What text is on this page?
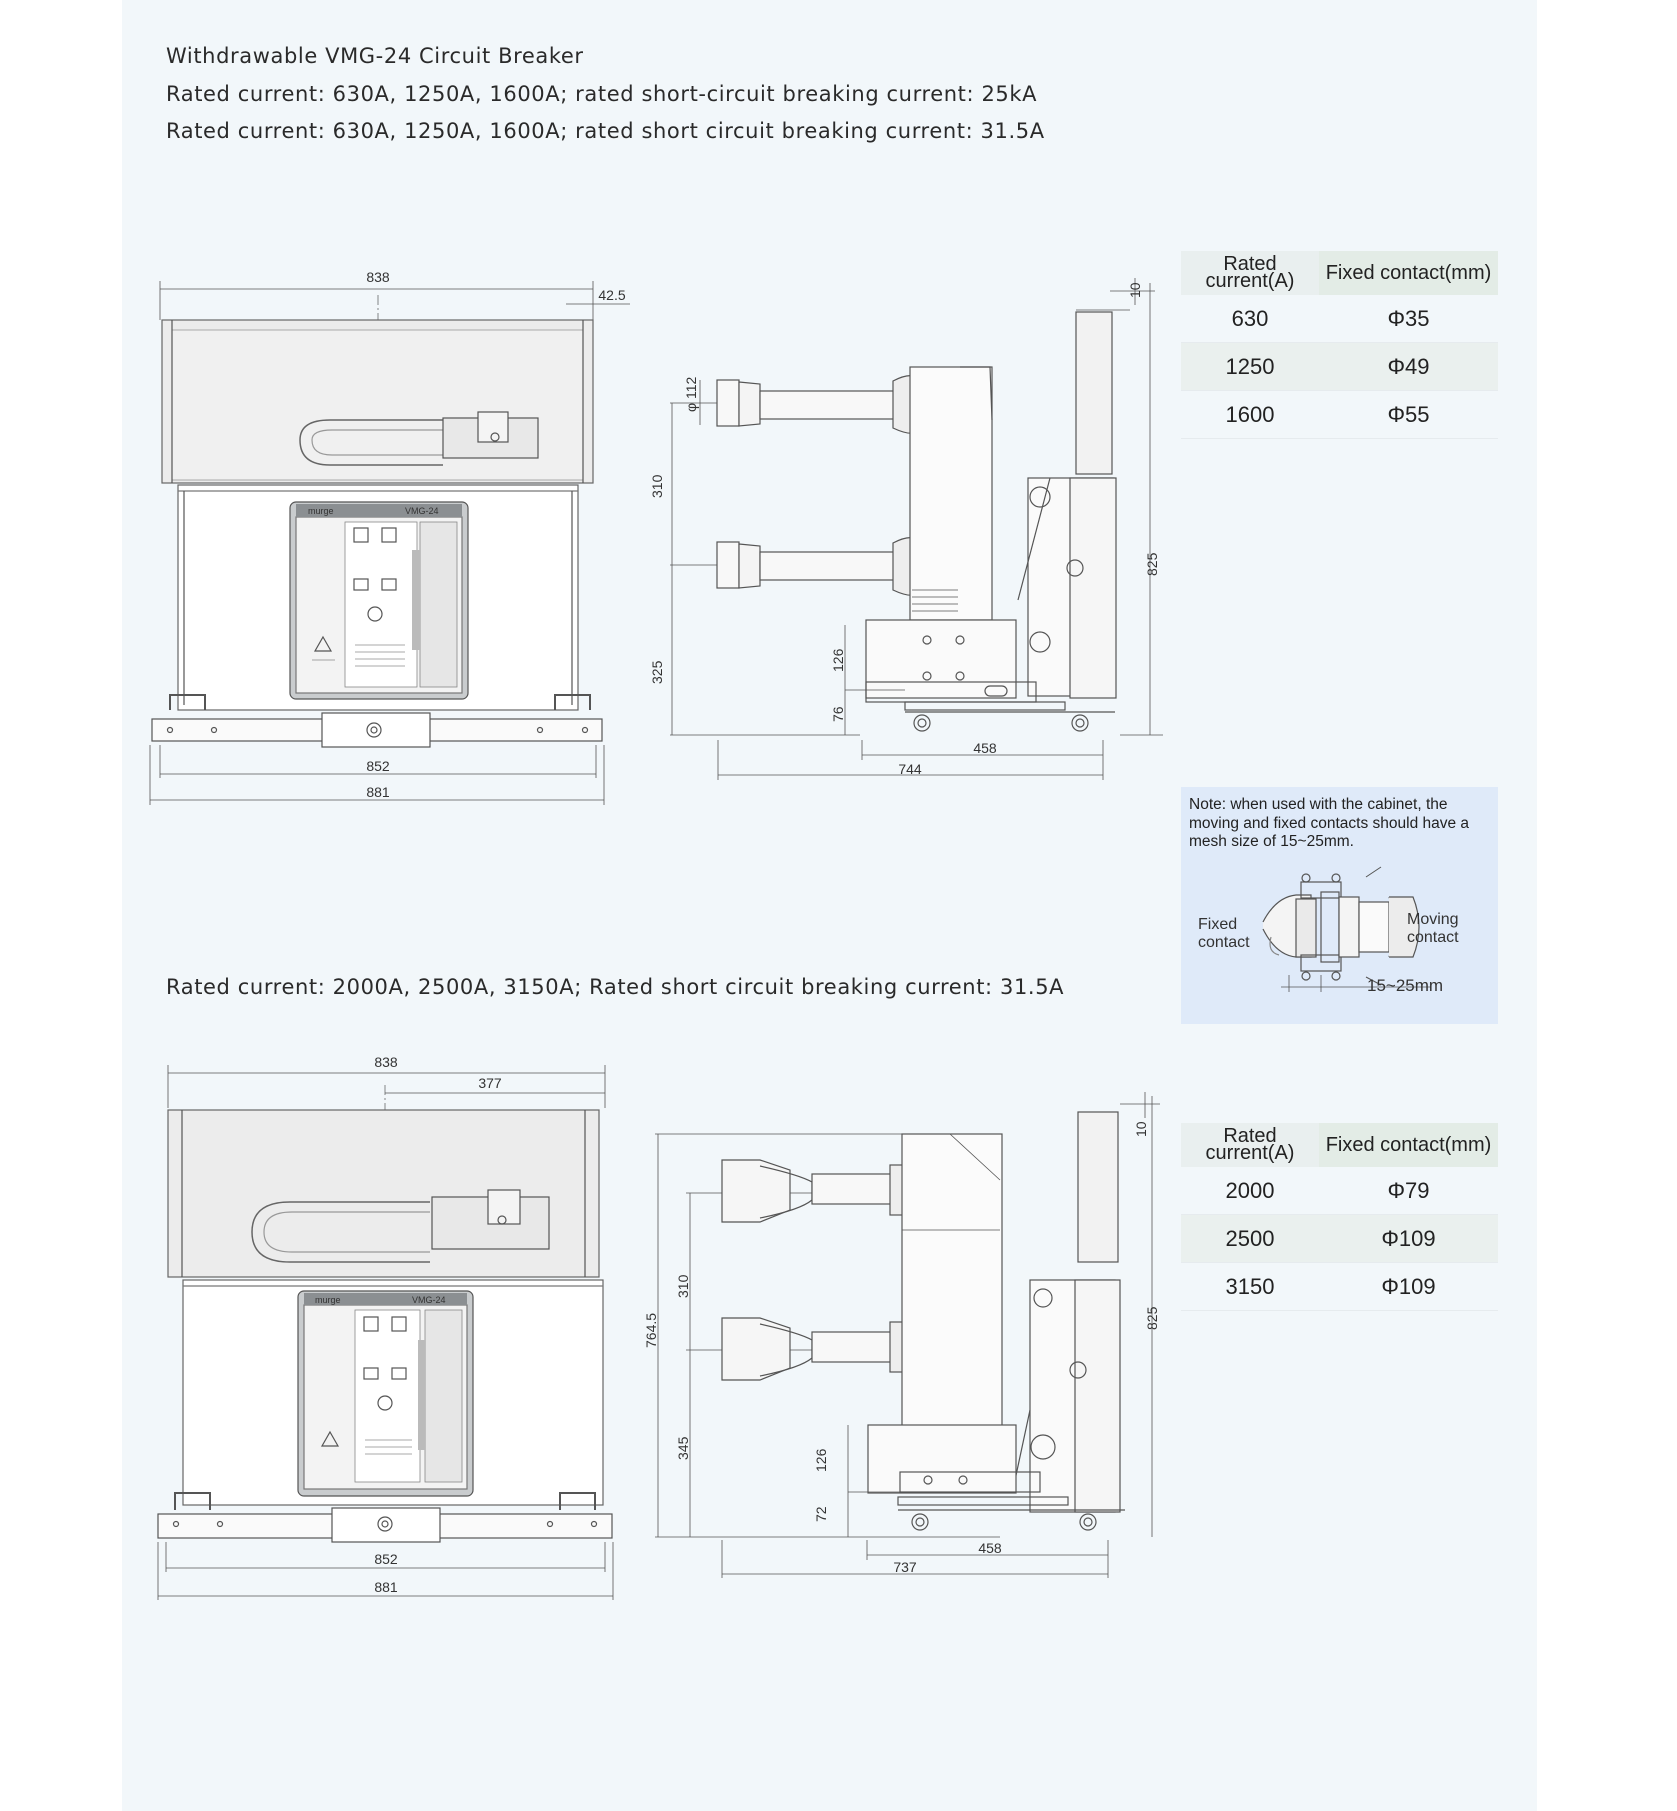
Withdrawable VMG-24 Circuit Breaker
Rated current: 630A, 1250A, 1600A; rated short-circuit breaking current: 25kA
Rated current: 630A, 1250A, 1600A; rated short circuit breaking current: 31.5A
Rated current: 2000A, 2500A, 3150A; Rated short circuit breaking current: 31.5A
838
42.5
852
881
murge	VMG-24
φ 112
310
325
126
76
10
825
458
744
838
377
852
881
murge	VMG-24
310
764.5
345
126
72
10
825
458
737
Rated
current(A)	Fixed contact(mm)
630	Φ35
1250	Φ49
1600	Φ55
Note: when used with the cabinet, the moving and fixed contacts should have a mesh size of 15~25mm.
Fixed
contact
Moving
contact
15~25mm
Rated
current(A)	Fixed contact(mm)
2000	Φ79
2500	Φ109
3150	Φ109
